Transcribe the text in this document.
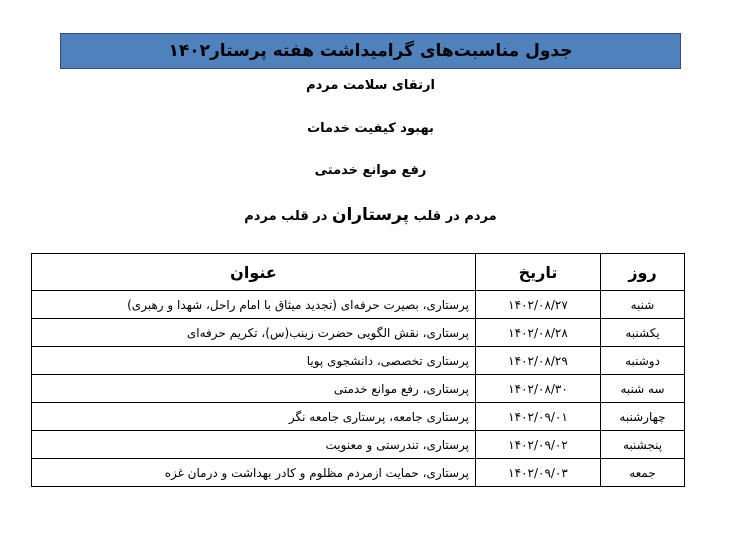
جدول مناسبت‌های گرامیداشت هفته پرستار۱۴۰۲
ارتقای سلامت مردم
بهبود کیفیت خدمات
رفع موانع خدمتی
مردم در قلب پرستاران در قلب مردم
روز	تاریخ	عنوان
شنبه	۱۴۰۲/۰۸/۲۷	پرستاری، بصیرت حرفه‌ای (تجدید میثاق با امام راحل، شهدا و رهبری)
یکشنبه	۱۴۰۲/۰۸/۲۸	پرستاری، نقش الگویی حضرت زینب(س)، تکریم حرفه‌ای
دوشنبه	۱۴۰۲/۰۸/۲۹	پرستاری تخصصی، دانشجوی پویا
سه شنبه	۱۴۰۲/۰۸/۳۰	پرستاری، رفع موانع خدمتی
چهارشنبه	۱۴۰۲/۰۹/۰۱	پرستاری جامعه، پرستاری جامعه نگر
پنجشنبه	۱۴۰۲/۰۹/۰۲	پرستاری، تندرستی و معنویت
جمعه	۱۴۰۲/۰۹/۰۳	پرستاری، حمایت ازمردم مظلوم و کادر بهداشت و درمان غزه
